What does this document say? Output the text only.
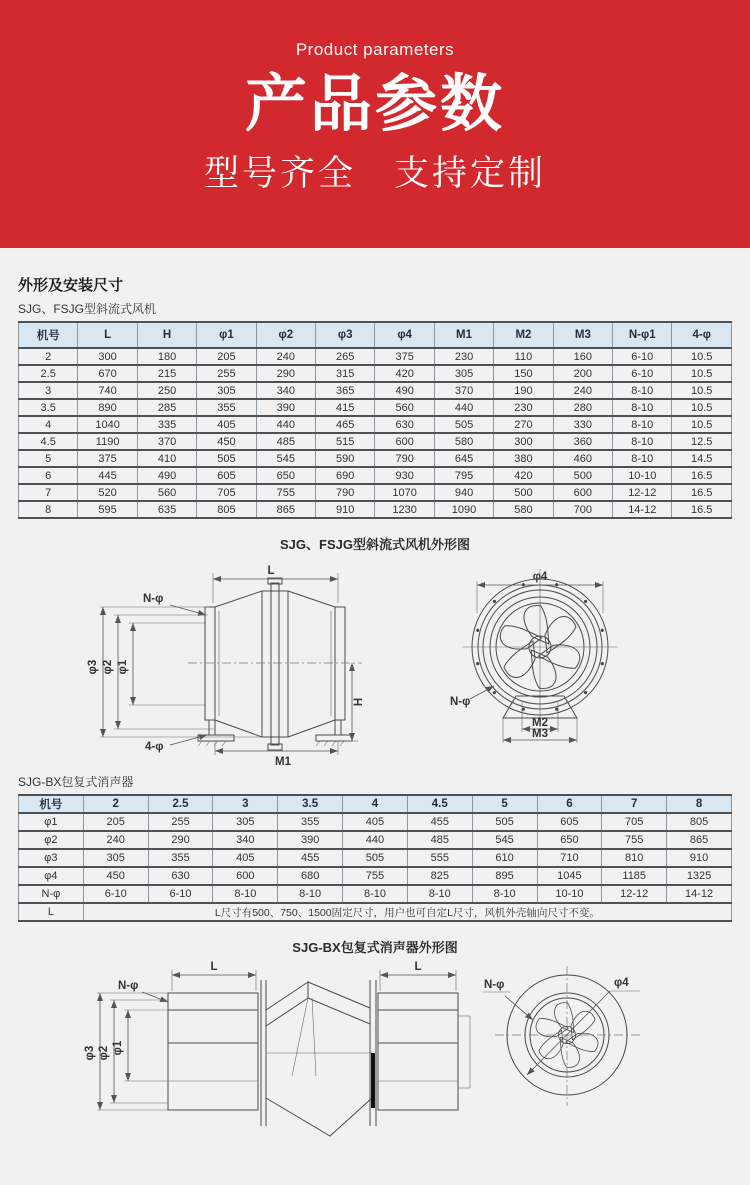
Product parameters
产品参数
型号齐全　支持定制
外形及安装尺寸
SJG、FSJG型斜流式风机
机号	L	H	φ1	φ2	φ3	φ4	M1	M2	M3	N-φ1	4-φ
2	300	180	205	240	265	375	230	110	160	6-10	10.5
2.5	670	215	255	290	315	420	305	150	200	6-10	10.5
3	740	250	305	340	365	490	370	190	240	8-10	10.5
3.5	890	285	355	390	415	560	440	230	280	8-10	10.5
4	1040	335	405	440	465	630	505	270	330	8-10	10.5
4.5	1190	370	450	485	515	600	580	300	360	8-10	12.5
5	375	410	505	545	590	790	645	380	460	8-10	14.5
6	445	490	605	650	690	930	795	420	500	10-10	16.5
7	520	560	705	755	790	1070	940	500	600	12-12	16.5
8	595	635	805	865	910	1230	1090	580	700	14-12	16.5
SJG、FSJG型斜流式风机外形图
L
N-φ
φ3 φ2 φ1
H
M1
4-φ
φ4
M2
M3
N-φ
SJG-BX包复式消声器
机号	2	2.5	3	3.5	4	4.5	5	6	7	8
φ1	205	255	305	355	405	455	505	605	705	805
φ2	240	290	340	390	440	485	545	650	755	865
φ3	305	355	405	455	505	555	610	710	810	910
φ4	450	630	600	680	755	825	895	1045	1185	1325
N-φ	6-10	6-10	8-10	8-10	8-10	8-10	8-10	10-10	12-12	14-12
L	L尺寸有500、750、1500固定尺寸，用户也可自定L尺寸，风机外壳轴向尺寸不变。									
SJG-BX包复式消声器外形图
L
N-φ
L
φ3 φ2 φ1
φ4
N-φ
